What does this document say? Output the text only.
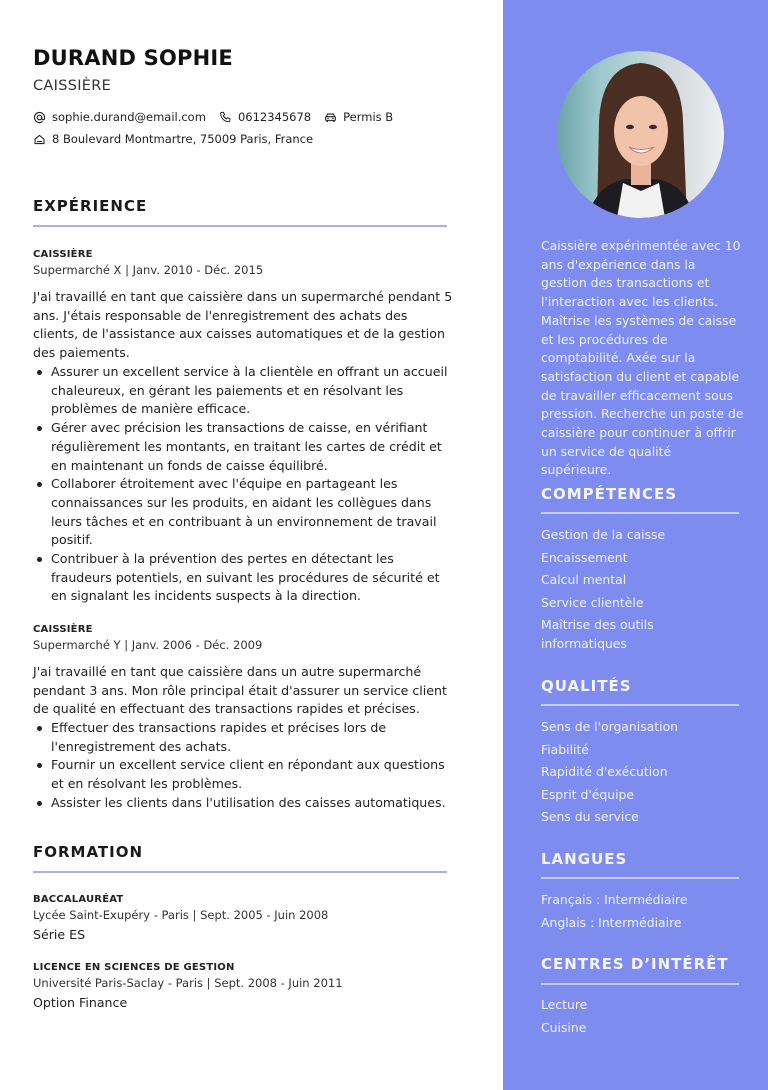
DURAND SOPHIE
CAISSIÈRE
sophie.durand@email.com	0612345678	Permis B
8 Boulevard Montmartre, 75009 Paris, France
EXPÉRIENCE
CAISSIÈRE
Supermarché X | Janv. 2010 - Déc. 2015
J'ai travaillé en tant que caissière dans un supermarché pendant 5 ans. J'étais responsable de l'enregistrement des achats des clients, de l'assistance aux caisses automatiques et de la gestion des paiements.
Assurer un excellent service à la clientèle en offrant un accueil chaleureux, en gérant les paiements et en résolvant les problèmes de manière efficace.
Gérer avec précision les transactions de caisse, en vérifiant régulièrement les montants, en traitant les cartes de crédit et en maintenant un fonds de caisse équilibré.
Collaborer étroitement avec l'équipe en partageant les connaissances sur les produits, en aidant les collègues dans leurs tâches et en contribuant à un environnement de travail positif.
Contribuer à la prévention des pertes en détectant les fraudeurs potentiels, en suivant les procédures de sécurité et en signalant les incidents suspects à la direction.
CAISSIÈRE
Supermarché Y | Janv. 2006 - Déc. 2009
J'ai travaillé en tant que caissière dans un autre supermarché pendant 3 ans. Mon rôle principal était d'assurer un service client de qualité en effectuant des transactions rapides et précises.
Effectuer des transactions rapides et précises lors de l'enregistrement des achats.
Fournir un excellent service client en répondant aux questions et en résolvant les problèmes.
Assister les clients dans l'utilisation des caisses automatiques.
FORMATION
BACCALAURÉAT
Lycée Saint-Exupéry - Paris | Sept. 2005 - Juin 2008
Série ES
LICENCE EN SCIENCES DE GESTION
Université Paris-Saclay - Paris | Sept. 2008 - Juin 2011
Option Finance
Caissière expérimentée avec 10 ans d'expérience dans la gestion des transactions et l'interaction avec les clients. Maîtrise les systèmes de caisse et les procédures de comptabilité. Axée sur la satisfaction du client et capable de travailler efficacement sous pression. Recherche un poste de caissière pour continuer à offrir un service de qualité supérieure.
COMPÉTENCES
Gestion de la caisse
Encaissement
Calcul mental
Service clientèle
Maîtrise des outils informatiques
QUALITÉS
Sens de l'organisation
Fiabilité
Rapidité d'exécution
Esprit d'équipe
Sens du service
LANGUES
Français : Intermédiaire
Anglais : Intermédiaire
CENTRES D’INTÉRÊT
Lecture
Cuisine
